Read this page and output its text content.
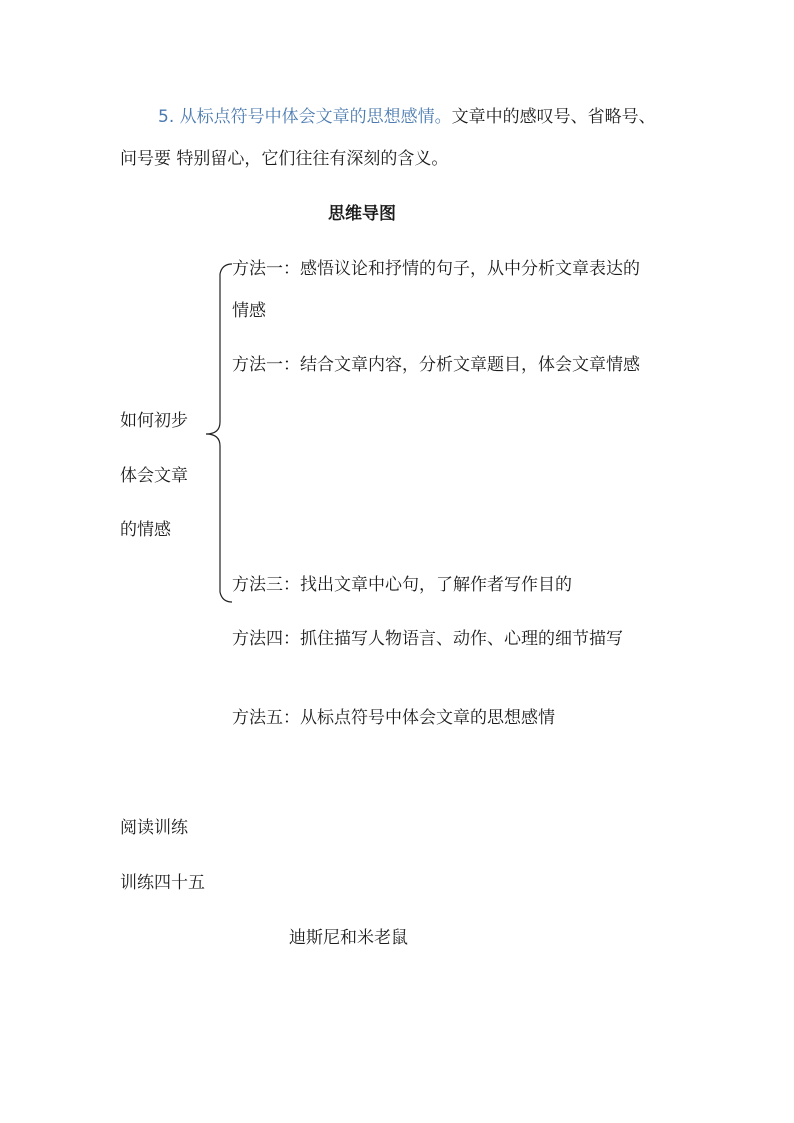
5. 从标点符号中体会文章的思想感情。文章中的感叹号、省略号、
问号要 特别留心，它们往往有深刻的含义。
思维导图
如何初步
体会文章
的情感
方法一：感悟议论和抒情的句子，从中分析文章表达的
情感
方法一：结合文章内容，分析文章题目，体会文章情感
方法三：找出文章中心句，了解作者写作目的
方法四：抓住描写人物语言、动作、心理的细节描写
方法五：从标点符号中体会文章的思想感情
阅读训练
训练四十五
迪斯尼和米老鼠
